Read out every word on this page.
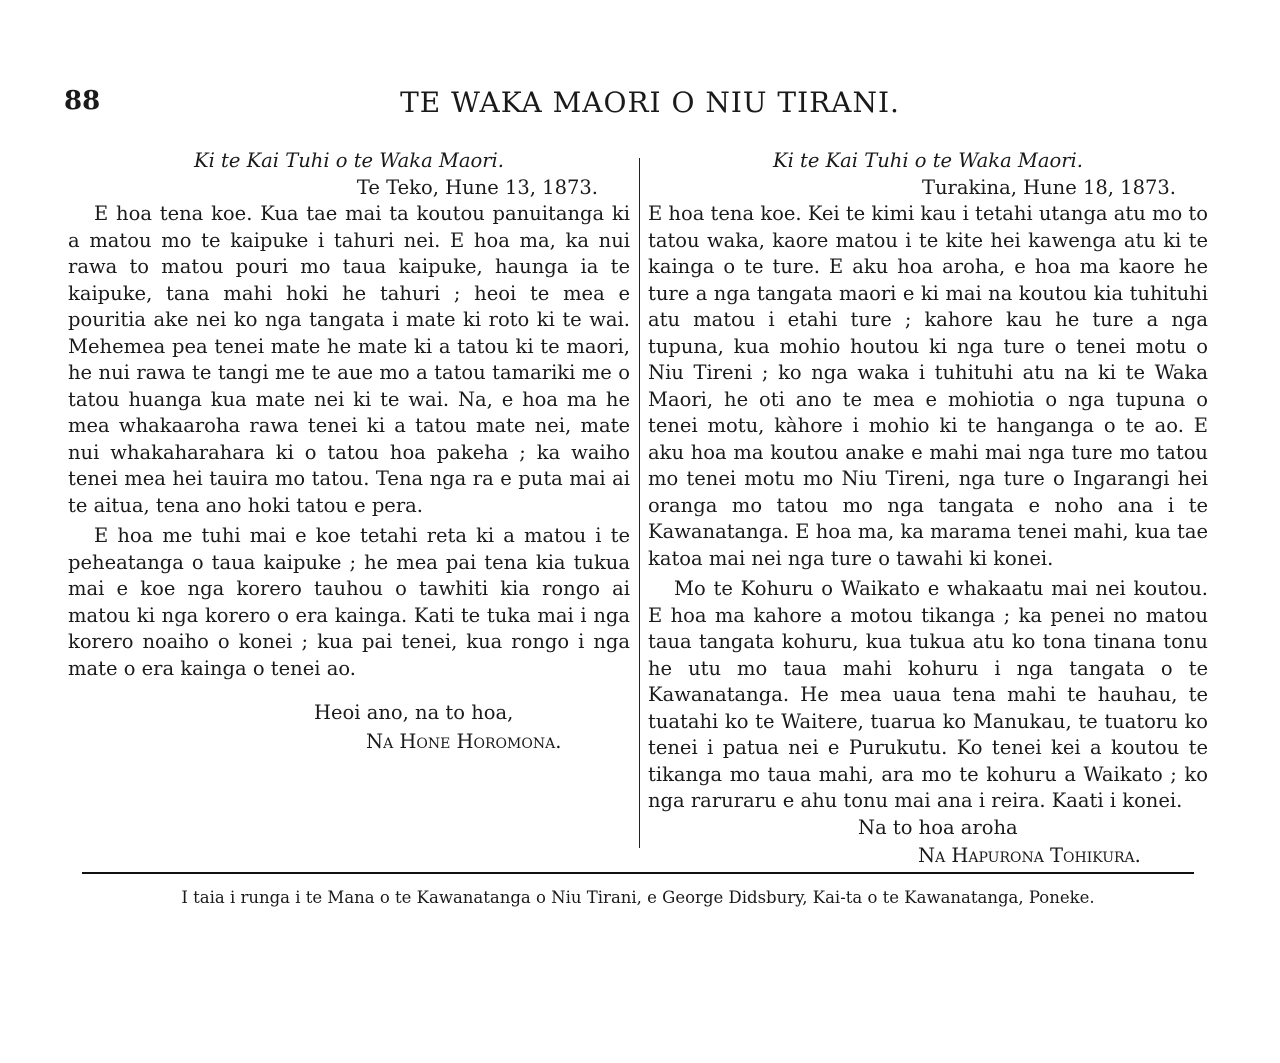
88	TE WAKA MAORI O NIU TIRANI.

Ki te Kai Tuhi o te Waka Maori.

Te Teko, Hune 13, 1873.

E hoa tena koe. Kua tae mai ta koutou panuitanga ki a matou mo te kaipuke i tahuri nei. E hoa ma, ka nui rawa to matou pouri mo taua kaipuke, haunga ia te kaipuke, tana mahi hoki he tahuri ; heoi te mea e pouritia ake nei ko nga tangata i mate ki roto ki te wai. Mehemea pea tenei mate he mate ki a tatou ki te maori, he nui rawa te tangi me te aue mo a tatou tamariki me o tatou huanga kua mate nei ki te wai. Na, e hoa ma he mea whakaaroha rawa tenei ki a tatou mate nei, mate nui whakaharahara ki o tatou hoa pakeha ; ka waiho tenei mea hei tauira mo tatou. Tena nga ra e puta mai ai te aitua, tena ano hoki tatou e pera.

E hoa me tuhi mai e koe tetahi reta ki a matou i te peheatanga o taua kaipuke ; he mea pai tena kia tukua mai e koe nga korero tauhou o tawhiti kia rongo ai matou ki nga korero o era kainga. Kati te tuka mai i nga korero noaiho o konei ; kua pai tenei, kua rongo i nga mate o era kainga o tenei ao.

Heoi ano, na to hoa,

Na Hone Horomona.

Ki te Kai Tuhi o te Waka Maori.

Turakina, Hune 18, 1873.

E hoa tena koe. Kei te kimi kau i tetahi utanga atu mo to tatou waka, kaore matou i te kite hei kawenga atu ki te kainga o te ture. E aku hoa aroha, e hoa ma kaore he ture a nga tangata maori e ki mai na koutou kia tuhituhi atu matou i etahi ture ; kahore kau he ture a nga tupuna, kua mohio houtou ki nga ture o tenei motu o Niu Tireni ; ko nga waka i tuhituhi atu na ki te Waka Maori, he oti ano te mea e mohiotia o nga tupuna o tenei motu, kàhore i mohio ki te hanganga o te ao. E aku hoa ma koutou anake e mahi mai nga ture mo tatou mo tenei motu mo Niu Tireni, nga ture o Ingarangi hei oranga mo tatou mo nga tangata e noho ana i te Kawanatanga. E hoa ma, ka marama tenei mahi, kua tae katoa mai nei nga ture o tawahi ki konei.

Mo te Kohuru o Waikato e whakaatu mai nei koutou. E hoa ma kahore a motou tikanga ; ka penei no matou taua tangata kohuru, kua tukua atu ko tona tinana tonu he utu mo taua mahi kohuru i nga tangata o te Kawanatanga. He mea uaua tena mahi te hauhau, te tuatahi ko te Waitere, tuarua ko Manukau, te tuatoru ko tenei i patua nei e Purukutu. Ko tenei kei a koutou te tikanga mo taua mahi, ara mo te kohuru a Waikato ; ko nga raruraru e ahu tonu mai ana i reira. Kaati i konei.

Na to hoa aroha

Na Hapurona Tohikura.

I taia i runga i te Mana o te Kawanatanga o Niu Tirani, e George Didsbury, Kai-ta o te Kawanatanga, Poneke.
